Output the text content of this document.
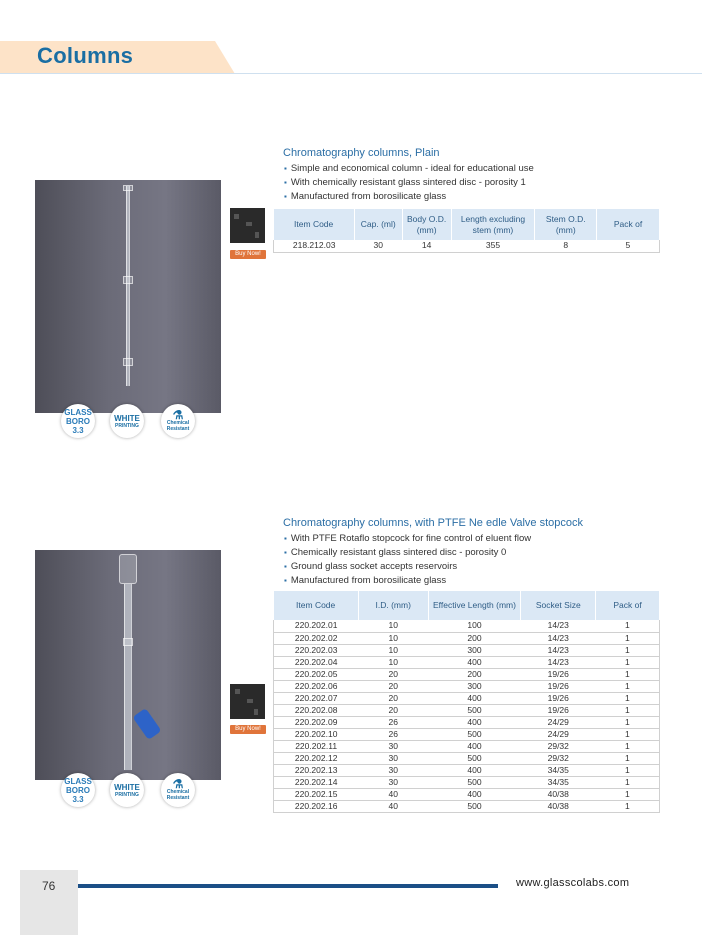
Columns
GLASS
BORO
3.3
WHITE
PRINTING
⚗
Chemical
Resistant
Chromatography columns, Plain
▪ Simple and economical column - ideal for educational use
▪ With chemically resistant glass sintered disc - porosity 1
▪ Manufactured from borosilicate glass
Buy Now!
Item Code	Cap. (ml)	Body O.D. (mm)	Length excluding stem (mm)	Stem O.D. (mm)	Pack of
218.212.03	30	14	355	8	5
GLASS
BORO
3.3
WHITE
PRINTING
⚗
Chemical
Resistant
Chromatography columns, with PTFE Ne edle Valve stopcock
▪ With PTFE Rotaflo stopcock for fine control of eluent flow
▪ Chemically resistant glass sintered disc - porosity 0
▪ Ground glass socket accepts reservoirs
▪ Manufactured from borosilicate glass
Buy Now!
Item Code	I.D. (mm)	Effective Length (mm)	Socket Size	Pack of
220.202.01	10	100	14/23	1
220.202.02	10	200	14/23	1
220.202.03	10	300	14/23	1
220.202.04	10	400	14/23	1
220.202.05	20	200	19/26	1
220.202.06	20	300	19/26	1
220.202.07	20	400	19/26	1
220.202.08	20	500	19/26	1
220.202.09	26	400	24/29	1
220.202.10	26	500	24/29	1
220.202.11	30	400	29/32	1
220.202.12	30	500	29/32	1
220.202.13	30	400	34/35	1
220.202.14	30	500	34/35	1
220.202.15	40	400	40/38	1
220.202.16	40	500	40/38	1
76	www.glasscolabs.com
